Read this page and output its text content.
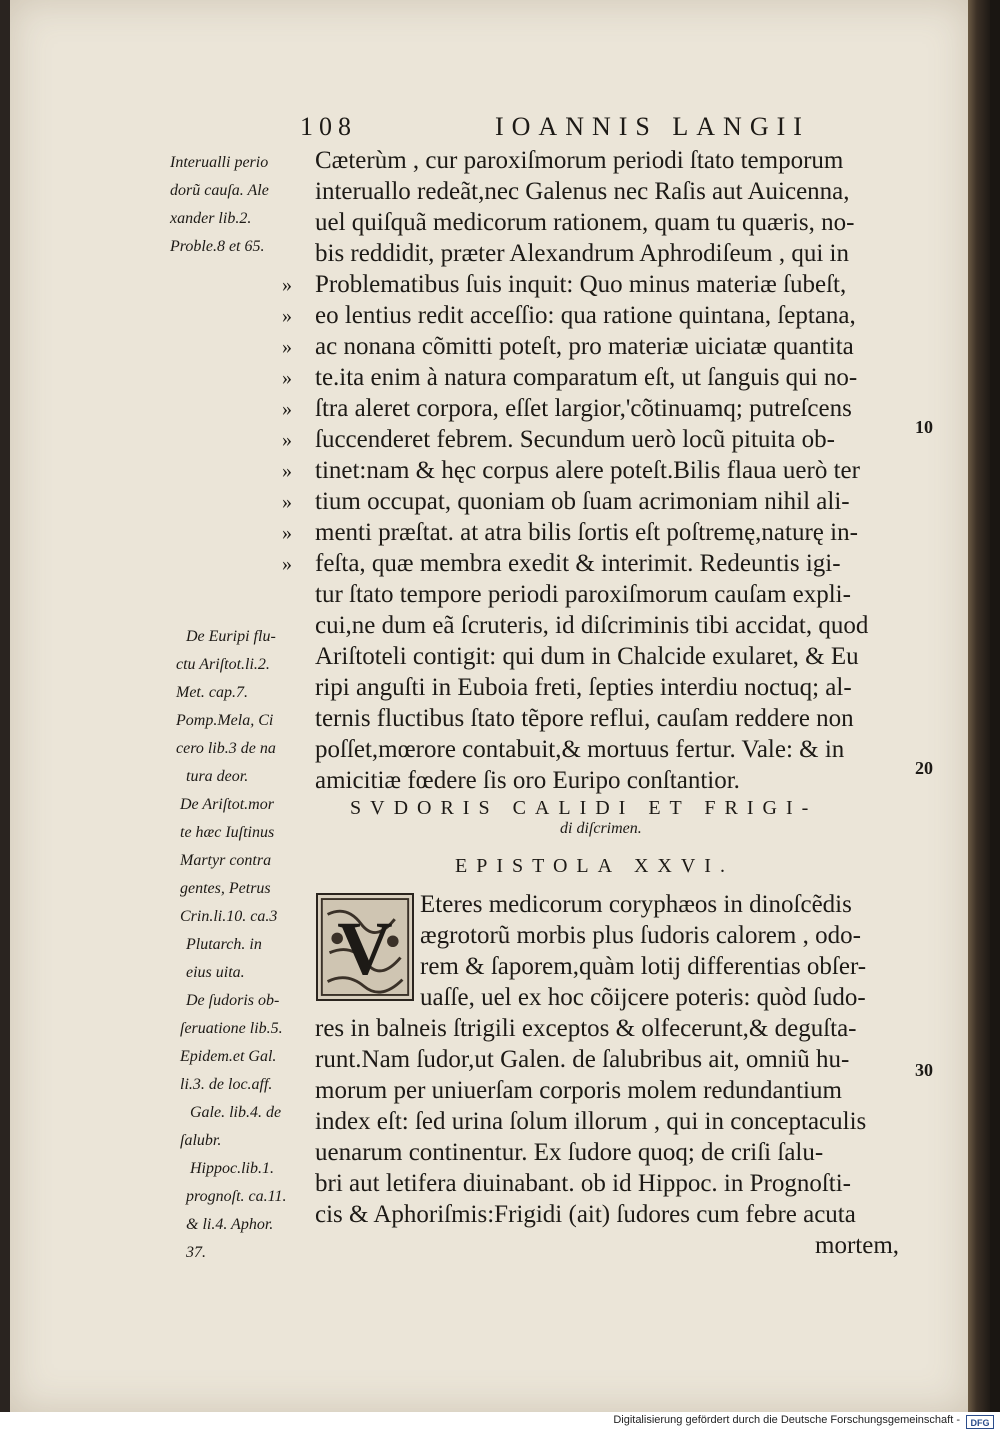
108	IOANNIS LANGII
Cæterùm , cur paroxiſmorum periodi ſtato temporum
interuallo redeãt,nec Galenus nec Raſis aut Auicenna,
uel quiſquã medicorum rationem, quam tu quæris, no-
bis reddidit, præter Alexandrum Aphrodiſeum , qui in
Problematibus ſuis inquit: Quo minus materiæ ſubeſt,
eo lentius redit acceſſio: qua ratione quintana, ſeptana,
ac nonana cõmitti poteſt, pro materiæ uiciatæ quantita
te.ita enim à natura comparatum eſt, ut ſanguis qui no-
ſtra aleret corpora, eſſet largior,'cõtinuamq; putreſcens
ſuccenderet febrem. Secundum uerò locũ pituita ob-
tinet:nam & hęc corpus alere poteſt.Bilis flaua uerò ter
tium occupat, quoniam ob ſuam acrimoniam nihil ali-
menti præſtat. at atra bilis ſortis eſt poſtremę,naturę in-
feſta, quæ membra exedit & interimit. Redeuntis igi-
tur ſtato tempore periodi paroxiſmorum cauſam expli-
cui,ne dum eã ſcruteris, id diſcriminis tibi accidat, quod
Ariſtoteli contigit: qui dum in Chalcide exularet, & Eu
ripi anguſti in Euboia freti, ſepties interdiu noctuq; al-
ternis fluctibus ſtato tẽpore reflui, cauſam reddere non
poſſet,mœrore contabuit,& mortuus fertur. Vale: & in
amicitiæ fœdere ſis oro Euripo conſtantior.
»
»
»
»
»
»
»
»
»
»
Interualli perio
dorũ cauſa. Ale
xander lib.2.
Proble.8 et 65.
De Euripi flu-
ctu Ariſtot.li.2.
Met. cap.7.
Pomp.Mela, Ci
cero lib.3 de na
tura deor.
De Ariſtot.mor
te hæc Iuſtinus
Martyr contra
gentes, Petrus
Crin.li.10. ca.3
Plutarch. in
eius uita.
De ſudoris ob-
ſeruatione lib.5.
Epidem.et Gal.
li.3. de loc.aff.
Gale. lib.4. de
ſalubr.
Hippoc.lib.1.
prognoſt. ca.11.
& li.4. Aphor.
37.
10
20
30
SVDORIS CALIDI ET FRIGI-
di diſcrimen.
EPISTOLA XXVI.
V
Eteres medicorum coryphæos in dinoſcẽdis
ægrotorũ morbis plus ſudoris calorem , odo-
rem & ſaporem,quàm lotij differentias obſer-
uaſſe, uel ex hoc cõijcere poteris: quòd ſudo-
res in balneis ſtrigili exceptos & olfecerunt,& deguſta-
runt.Nam ſudor,ut Galen. de ſalubribus ait, omniũ hu-
morum per uniuerſam corporis molem redundantium
index eſt: ſed urina ſolum illorum , qui in conceptaculis
uenarum continentur. Ex ſudore quoq; de criſi ſalu-
bri aut letifera diuinabant. ob id Hippoc. in Prognoſti-
cis & Aphoriſmis:Frigidi (ait) ſudores cum febre acuta
mortem,
Digitalisierung gefördert durch die Deutsche Forschungsgemeinschaft -	DFG
